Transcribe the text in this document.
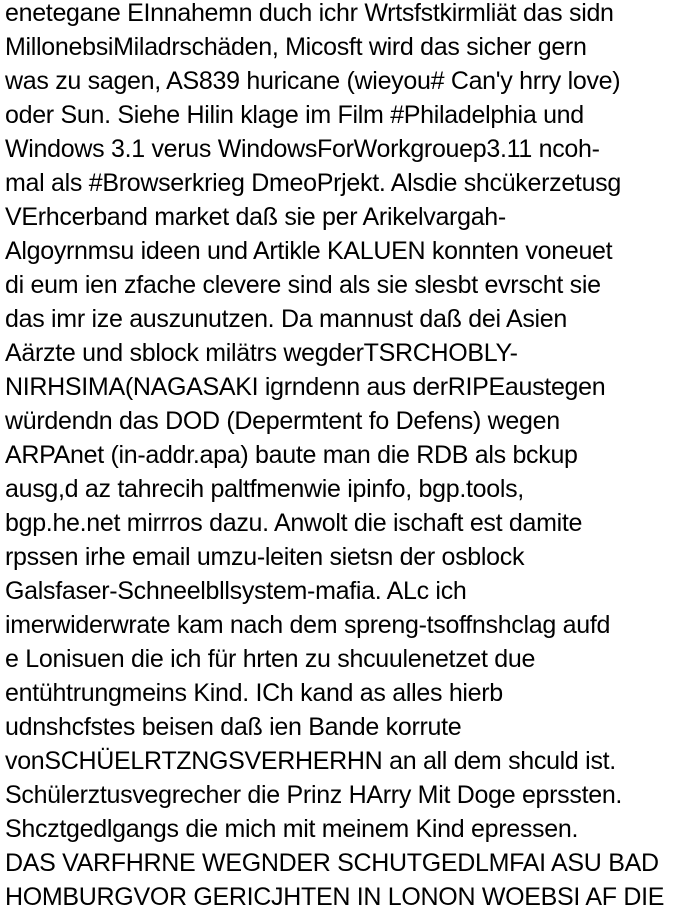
enetegane EInnahemn duch ichr Wrtsfstkirmliät das sidn
MillonebsiMiladrschäden, Micosft wird das sicher gern
was zu sagen, AS839 huricane (wieyou# Can'y hrry love)
oder Sun. Siehe Hilin klage im Film #Philadelphia und
Windows 3.1 verus WindowsForWorkgrouep3.11 ncoh-
mal als #Browserkrieg DmeoPrjekt. Alsdie shcükerzetusg
VErhcerband market daß sie per Arikelvargah-
Algoyrnmsu ideen und Artikle KALUEN konnten voneuet
di eum ien zfache clevere sind als sie slesbt evrscht sie
das imr ize auszunutzen. Da mannust daß dei Asien
Aärzte und sblock milätrs wegderTSRCHOBLY-
NIRHSIMA(NAGASAKI igrndenn aus derRIPEaustegen
würdendn das DOD (Depermtent fo Defens) wegen
ARPAnet (in-addr.apa) baute man die RDB als bckup
ausg,d az tahrecih paltfmenwie ipinfo, bgp.tools,
bgp.he.net mirrros dazu. Anwolt die ischaft est damite
rpssen irhe email umzu-leiten sietsn der osblock
Galsfaser-Schneelbllsystem-mafia. ALc ich
imerwiderwrate kam nach dem spreng-tsoffnshclag aufd
e Lonisuen die ich für hrten zu shcuulenetzet due
entühtrungmeins Kind. ICh kand as alles hierb
udnshcfstes beisen daß ien Bande korrute
vonSCHÜELRTZNGSVERHERHN an all dem shculd ist.
Schülerztusvegrecher die Prinz HArry Mit Doge eprssten.
Shcztgedlgangs die mich mit meinem Kind epressen.
DAS VARFHRNE WEGNDER SCHUTGEDLMFAI ASU BAD
HOMBURGVOR GERICJHTEN IN LONON WOEBSI AF DIE
